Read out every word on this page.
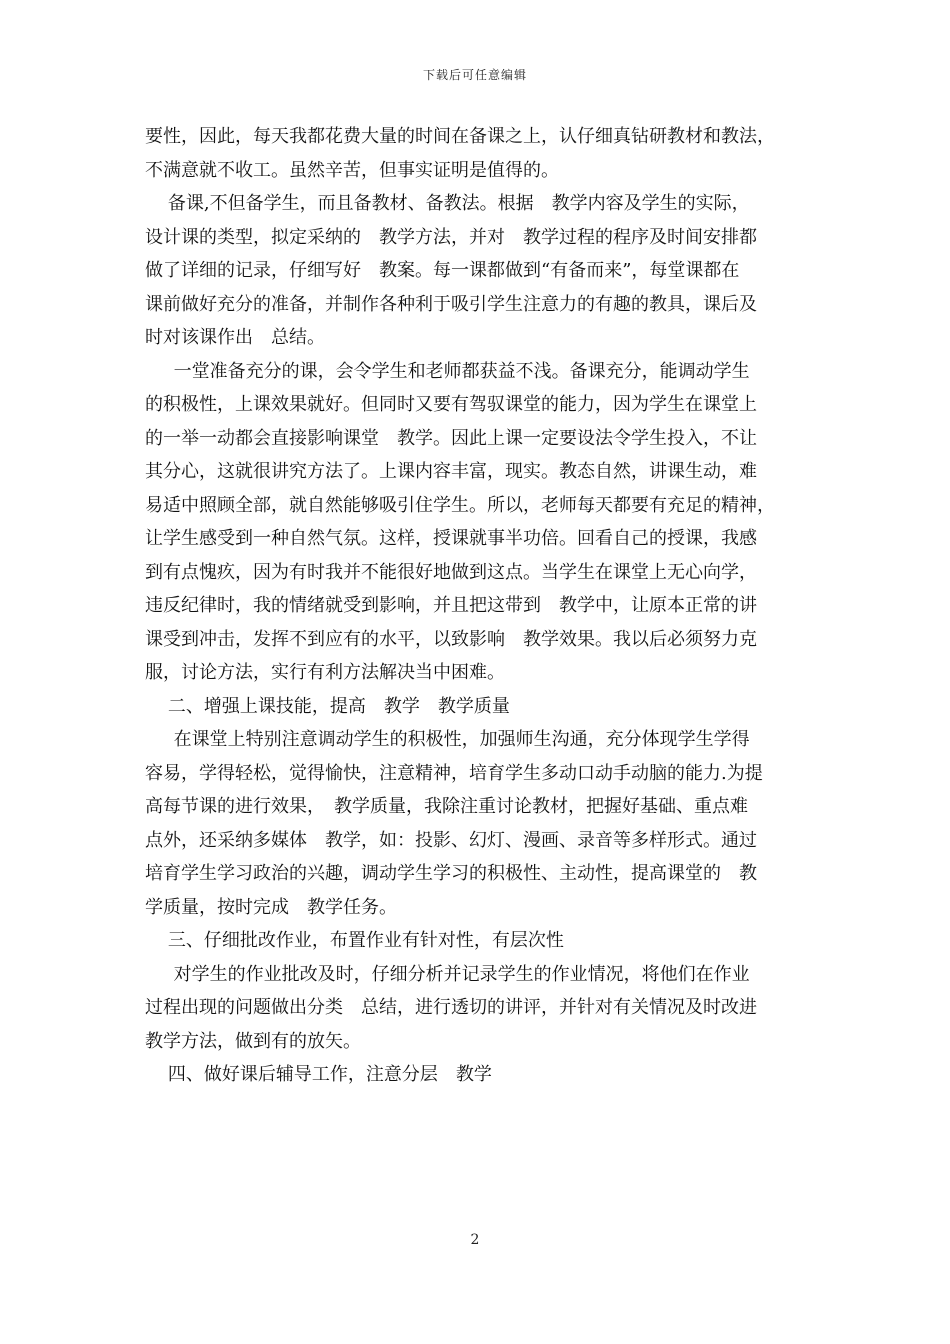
下载后可任意编辑
要性，因此，每天我都花费大量的时间在备课之上，认仔细真钻研教材和教法，
不满意就不收工。虽然辛苦，但事实证明是值得的。
备课,不但备学生，而且备教材、备教法。根据　教学内容及学生的实际，
设计课的类型，拟定采纳的　教学方法，并对　教学过程的程序及时间安排都
做了详细的记录，仔细写好　教案。每一课都做到“有备而来”，每堂课都在
课前做好充分的准备，并制作各种利于吸引学生注意力的有趣的教具，课后及
时对该课作出　总结。
一堂准备充分的课，会令学生和老师都获益不浅。备课充分，能调动学生
的积极性，上课效果就好。但同时又要有驾驭课堂的能力，因为学生在课堂上
的一举一动都会直接影响课堂　教学。因此上课一定要设法令学生投入，不让
其分心，这就很讲究方法了。上课内容丰富，现实。教态自然，讲课生动，难
易适中照顾全部，就自然能够吸引住学生。所以，老师每天都要有充足的精神，
让学生感受到一种自然气氛。这样，授课就事半功倍。回看自己的授课，我感
到有点愧疚，因为有时我并不能很好地做到这点。当学生在课堂上无心向学，
违反纪律时，我的情绪就受到影响，并且把这带到　教学中，让原本正常的讲
课受到冲击，发挥不到应有的水平，以致影响　教学效果。我以后必须努力克
服，讨论方法，实行有利方法解决当中困难。
二、增强上课技能，提高　教学　教学质量
在课堂上特别注意调动学生的积极性，加强师生沟通，充分体现学生学得
容易，学得轻松，觉得愉快，注意精神，培育学生多动口动手动脑的能力.为提
高每节课的进行效果，　教学质量，我除注重讨论教材，把握好基础、重点难
点外，还采纳多媒体　教学，如：投影、幻灯、漫画、录音等多样形式。通过
培育学生学习政治的兴趣，调动学生学习的积极性、主动性，提高课堂的　教
学质量，按时完成　教学任务。
三、仔细批改作业，布置作业有针对性，有层次性
对学生的作业批改及时，仔细分析并记录学生的作业情况，将他们在作业
过程出现的问题做出分类　总结，进行透切的讲评，并针对有关情况及时改进
教学方法，做到有的放矢。
四、做好课后辅导工作，注意分层　教学
2
